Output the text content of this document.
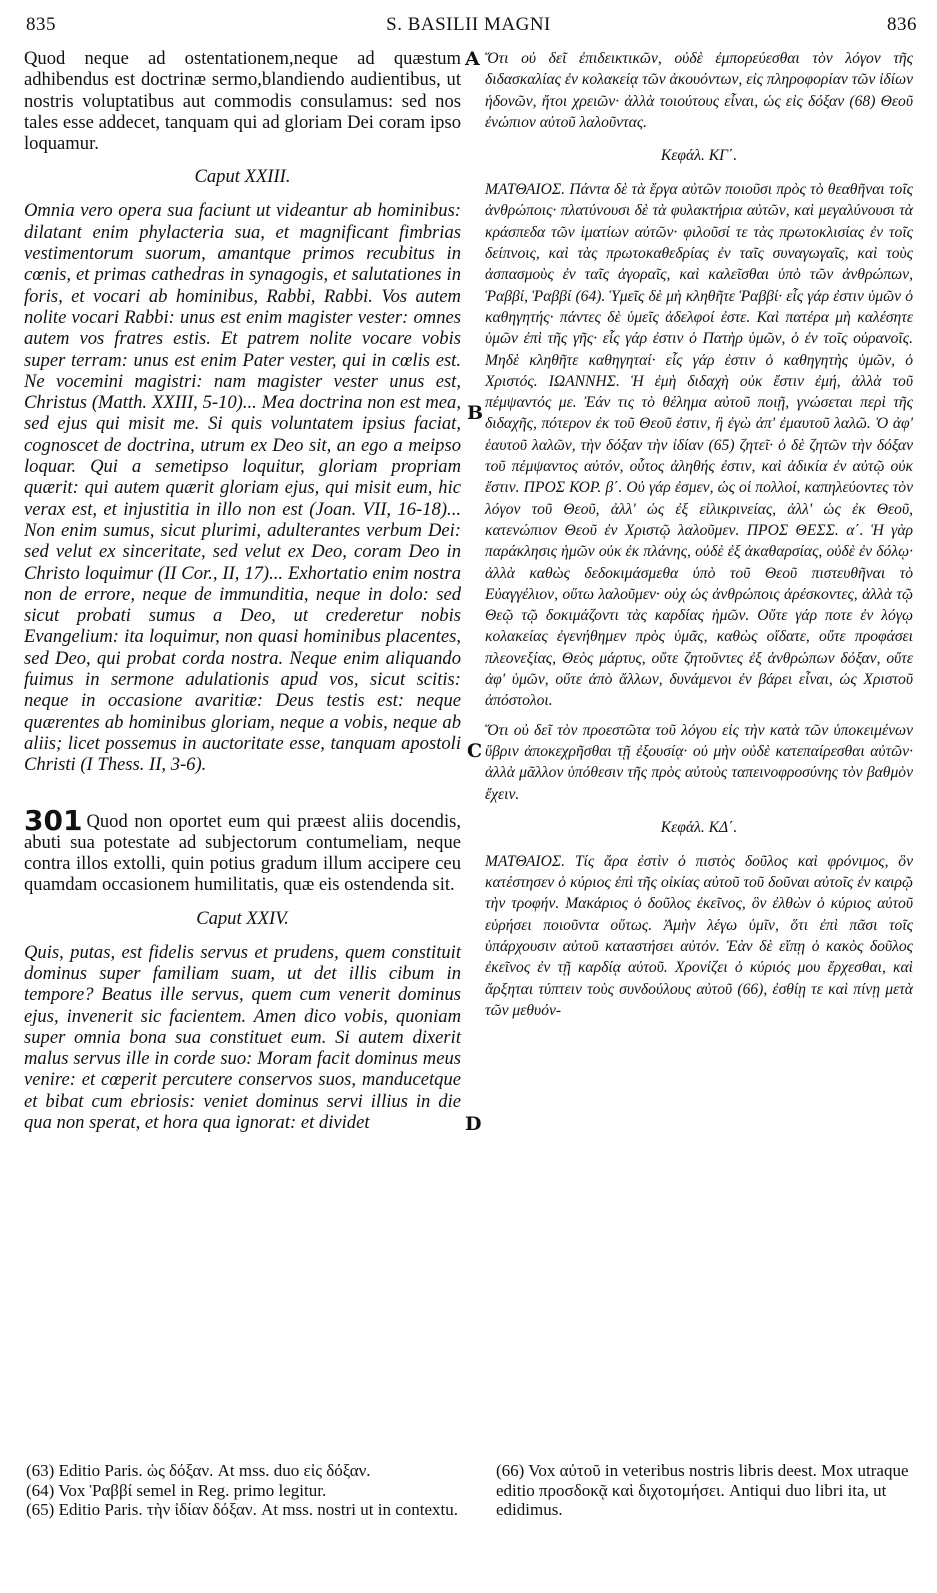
835	S. BASILII MAGNI	836
A
B
C
D

Quod neque ad ostentationem,neque ad quæstum adhibendus est doctrinæ sermo,blandiendo audientibus, ut nostris voluptatibus aut commodis consulamus: sed nos tales esse addecet, tanquam qui ad gloriam Dei coram ipso loquamur.

Caput XXIII.

Omnia vero opera sua faciunt ut videantur ab hominibus: dilatant enim phylacteria sua, et magnificant fimbrias vestimentorum suorum, amantque primos recubitus in cœnis, et primas cathedras in synagogis, et salutationes in foris, et vocari ab hominibus, Rabbi, Rabbi. Vos autem nolite vocari Rabbi: unus est enim magister vester: omnes autem vos fratres estis. Et patrem nolite vocare vobis super terram: unus est enim Pater vester, qui in cœlis est. Ne vocemini magistri: nam magister vester unus est, Christus (Matth. XXIII, 5-10)... Mea doctrina non est mea, sed ejus qui misit me. Si quis voluntatem ipsius faciat, cognoscet de doctrina, utrum ex Deo sit, an ego a meipso loquar. Qui a semetipso loquitur, gloriam propriam quærit: qui autem quærit gloriam ejus, qui misit eum, hic verax est, et injustitia in illo non est (Joan. VII, 16-18)... Non enim sumus, sicut plurimi, adulterantes verbum Dei: sed velut ex sinceritate, sed velut ex Deo, coram Deo in Christo loquimur (II Cor., II, 17)... Exhortatio enim nostra non de errore, neque de immunditia, neque in dolo: sed sicut probati sumus a Deo, ut crederetur nobis Evangelium: ita loquimur, non quasi hominibus placentes, sed Deo, qui probat corda nostra. Neque enim aliquando fuimus in sermone adulationis apud vos, sicut scitis: neque in occasione avaritiæ: Deus testis est: neque quærentes ab hominibus gloriam, neque a vobis, neque ab aliis; licet possemus in auctoritate esse, tanquam apostoli Christi (I Thess. II, 3-6).

301 Quod non oportet eum qui præest aliis docendis, abuti sua potestate ad subjectorum contumeliam, neque contra illos extolli, quin potius gradum illum accipere ceu quamdam occasionem humilitatis, quæ eis ostendenda sit.

Caput XXIV.

Quis, putas, est fidelis servus et prudens, quem constituit dominus super familiam suam, ut det illis cibum in tempore? Beatus ille servus, quem cum venerit dominus ejus, invenerit sic facientem. Amen dico vobis, quoniam super omnia bona sua constituet eum. Si autem dixerit malus servus ille in corde suo: Moram facit dominus meus venire: et cœperit percutere conservos suos, manducetque et bibat cum ebriosis: veniet dominus servi illius in die qua non sperat, et hora qua ignorat: et dividet

Ὅτι οὐ δεῖ ἐπιδεικτικῶν, οὐδὲ ἐμπορεύεσθαι τὸν λόγον τῆς διδασκαλίας ἐν κολακείᾳ τῶν ἀκουόντων, εἰς πληροφορίαν τῶν ἰδίων ἡδονῶν, ἤτοι χρειῶν· ἀλλὰ τοιούτους εἶναι, ὡς εἰς δόξαν (68) Θεοῦ ἐνώπιον αὐτοῦ λαλοῦντας.

Κεφάλ. ΚΓ΄.

ΜΑΤΘΑΙΟΣ. Πάντα δὲ τὰ ἔργα αὐτῶν ποιοῦσι πρὸς τὸ θεαθῆναι τοῖς ἀνθρώποις· πλατύνουσι δὲ τὰ φυλακτήρια αὐτῶν, καὶ μεγαλύνουσι τὰ κράσπεδα τῶν ἱματίων αὐτῶν· φιλοῦσί τε τὰς πρωτοκλισίας ἐν τοῖς δείπνοις, καὶ τὰς πρωτοκαθεδρίας ἐν ταῖς συναγωγαῖς, καὶ τοὺς ἀσπασμοὺς ἐν ταῖς ἀγοραῖς, καὶ καλεῖσθαι ὑπὸ τῶν ἀνθρώπων, Ῥαββί, Ῥαββί (64). Ὑμεῖς δὲ μὴ κληθῆτε Ῥαββί· εἷς γάρ ἐστιν ὑμῶν ὁ καθηγητής· πάντες δὲ ὑμεῖς ἀδελφοί ἐστε. Καὶ πατέρα μὴ καλέσητε ὑμῶν ἐπὶ τῆς γῆς· εἷς γάρ ἐστιν ὁ Πατὴρ ὑμῶν, ὁ ἐν τοῖς οὐρανοῖς. Μηδὲ κληθῆτε καθηγηταί· εἷς γάρ ἐστιν ὁ καθηγητὴς ὑμῶν, ὁ Χριστός. ΙΩΑΝΝΗΣ. Ἡ ἐμὴ διδαχὴ οὐκ ἔστιν ἐμή, ἀλλὰ τοῦ πέμψαντός με. Ἐάν τις τὸ θέλημα αὐτοῦ ποιῇ, γνώσεται περὶ τῆς διδαχῆς, πότερον ἐκ τοῦ Θεοῦ ἐστιν, ἢ ἐγὼ ἀπ' ἐμαυτοῦ λαλῶ. Ὁ ἀφ' ἑαυτοῦ λαλῶν, τὴν δόξαν τὴν ἰδίαν (65) ζητεῖ· ὁ δὲ ζητῶν τὴν δόξαν τοῦ πέμψαντος αὐτόν, οὗτος ἀληθής ἐστιν, καὶ ἀδικία ἐν αὐτῷ οὐκ ἔστιν. ΠΡΟΣ ΚΟΡ. β΄. Οὐ γάρ ἐσμεν, ὡς οἱ πολλοί, καπηλεύοντες τὸν λόγον τοῦ Θεοῦ, ἀλλ' ὡς ἐξ εἰλικρινείας, ἀλλ' ὡς ἐκ Θεοῦ, κατενώπιον Θεοῦ ἐν Χριστῷ λαλοῦμεν. ΠΡΟΣ ΘΕΣΣ. α΄. Ἡ γὰρ παράκλησις ἡμῶν οὐκ ἐκ πλάνης, οὐδὲ ἐξ ἀκαθαρσίας, οὐδὲ ἐν δόλῳ· ἀλλὰ καθὼς δεδοκιμάσμεθα ὑπὸ τοῦ Θεοῦ πιστευθῆναι τὸ Εὐαγγέλιον, οὕτω λαλοῦμεν· οὐχ ὡς ἀνθρώποις ἀρέσκοντες, ἀλλὰ τῷ Θεῷ τῷ δοκιμάζοντι τὰς καρδίας ἡμῶν. Οὔτε γάρ ποτε ἐν λόγῳ κολακείας ἐγενήθημεν πρὸς ὑμᾶς, καθὼς οἴδατε, οὔτε προφάσει πλεονεξίας, Θεὸς μάρτυς, οὔτε ζητοῦντες ἐξ ἀνθρώπων δόξαν, οὔτε ἀφ' ὑμῶν, οὔτε ἀπὸ ἄλλων, δυνάμενοι ἐν βάρει εἶναι, ὡς Χριστοῦ ἀπόστολοι.

Ὅτι οὐ δεῖ τὸν προεστῶτα τοῦ λόγου εἰς τὴν κατὰ τῶν ὑποκειμένων ὕβριν ἀποκεχρῆσθαι τῇ ἐξουσίᾳ· οὐ μὴν οὐδὲ κατεπαίρεσθαι αὐτῶν· ἀλλὰ μᾶλλον ὑπόθεσιν τῆς πρὸς αὐτοὺς ταπεινοφροσύνης τὸν βαθμὸν ἔχειν.

Κεφάλ. ΚΔ΄.

ΜΑΤΘΑΙΟΣ. Τίς ἄρα ἐστὶν ὁ πιστὸς δοῦλος καὶ φρόνιμος, ὃν κατέστησεν ὁ κύριος ἐπὶ τῆς οἰκίας αὐτοῦ τοῦ δοῦναι αὐτοῖς ἐν καιρῷ τὴν τροφήν. Μακάριος ὁ δοῦλος ἐκεῖνος, ὃν ἐλθὼν ὁ κύριος αὐτοῦ εὑρήσει ποιοῦντα οὕτως. Ἀμὴν λέγω ὑμῖν, ὅτι ἐπὶ πᾶσι τοῖς ὑπάρχουσιν αὐτοῦ καταστήσει αὐτόν. Ἐὰν δὲ εἴπῃ ὁ κακὸς δοῦλος ἐκεῖνος ἐν τῇ καρδίᾳ αὐτοῦ. Χρονίζει ὁ κύριός μου ἔρχεσθαι, καὶ ἄρξηται τύπτειν τοὺς συνδούλους αὐτοῦ (66), ἐσθίῃ τε καὶ πίνῃ μετὰ τῶν μεθυόν-

(63) Editio Paris. ὡς δόξαν. At mss. duo εἰς δόξαν.

(64) Vox Ῥαββί semel in Reg. primo legitur.

(65) Editio Paris. τὴν ἰδίαν δόξαν. At mss. nostri ut in contextu.

(66) Vox αὐτοῦ in veteribus nostris libris deest. Mox utraque editio προσδοκᾷ καὶ διχοτομήσει. Antiqui duo libri ita, ut edidimus.
